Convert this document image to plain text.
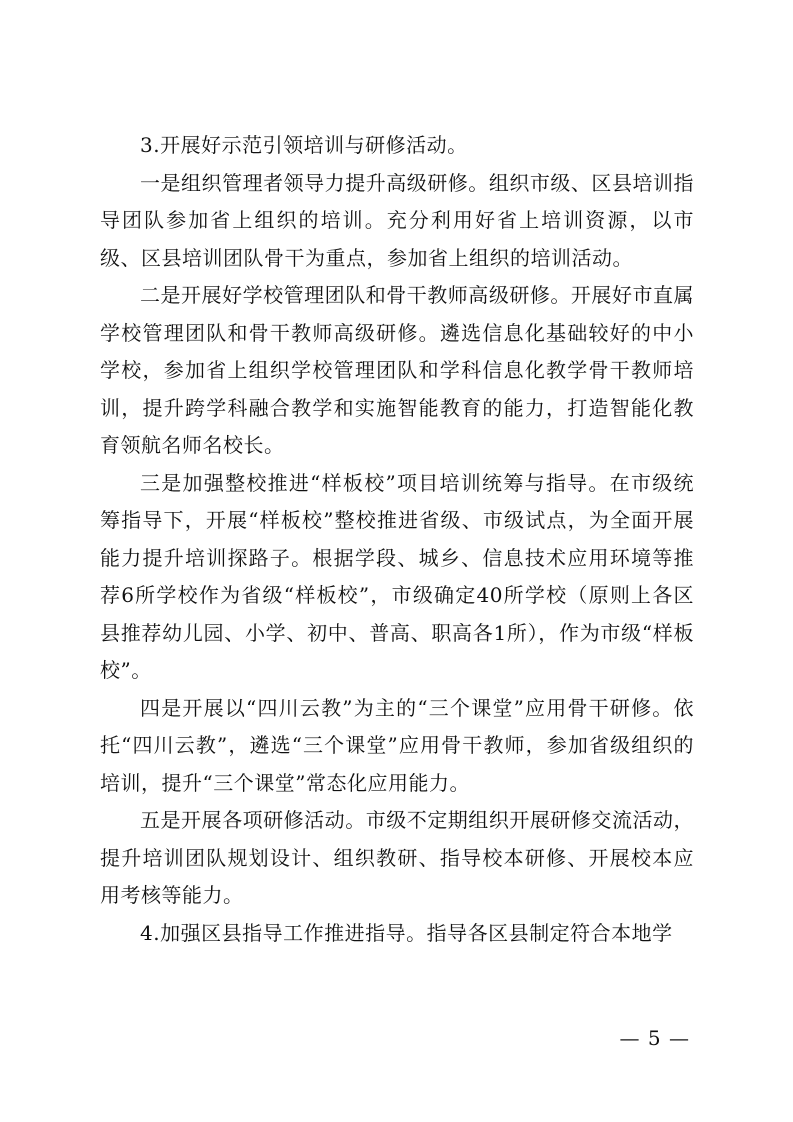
3.开展好示范引领培训与研修活动。

一是组织管理者领导力提升高级研修。组织市级、区县培训指导团队参加省上组织的培训。充分利用好省上培训资源，以市级、区县培训团队骨干为重点，参加省上组织的培训活动。

二是开展好学校管理团队和骨干教师高级研修。开展好市直属学校管理团队和骨干教师高级研修。遴选信息化基础较好的中小学校，参加省上组织学校管理团队和学科信息化教学骨干教师培训，提升跨学科融合教学和实施智能教育的能力，打造智能化教育领航名师名校长。

三是加强整校推进“样板校”项目培训统筹与指导。在市级统筹指导下，开展“样板校”整校推进省级、市级试点，为全面开展能力提升培训探路子。根据学段、城乡、信息技术应用环境等推荐6所学校作为省级“样板校”，市级确定40所学校（原则上各区县推荐幼儿园、小学、初中、普高、职高各1所），作为市级“样板校”。

四是开展以“四川云教”为主的“三个课堂”应用骨干研修。依托“四川云教”，遴选“三个课堂”应用骨干教师，参加省级组织的培训，提升“三个课堂”常态化应用能力。

五是开展各项研修活动。市级不定期组织开展研修交流活动，提升培训团队规划设计、组织教研、指导校本研修、开展校本应用考核等能力。

4.加强区县指导工作推进指导。指导各区县制定符合本地学

— 5 —
